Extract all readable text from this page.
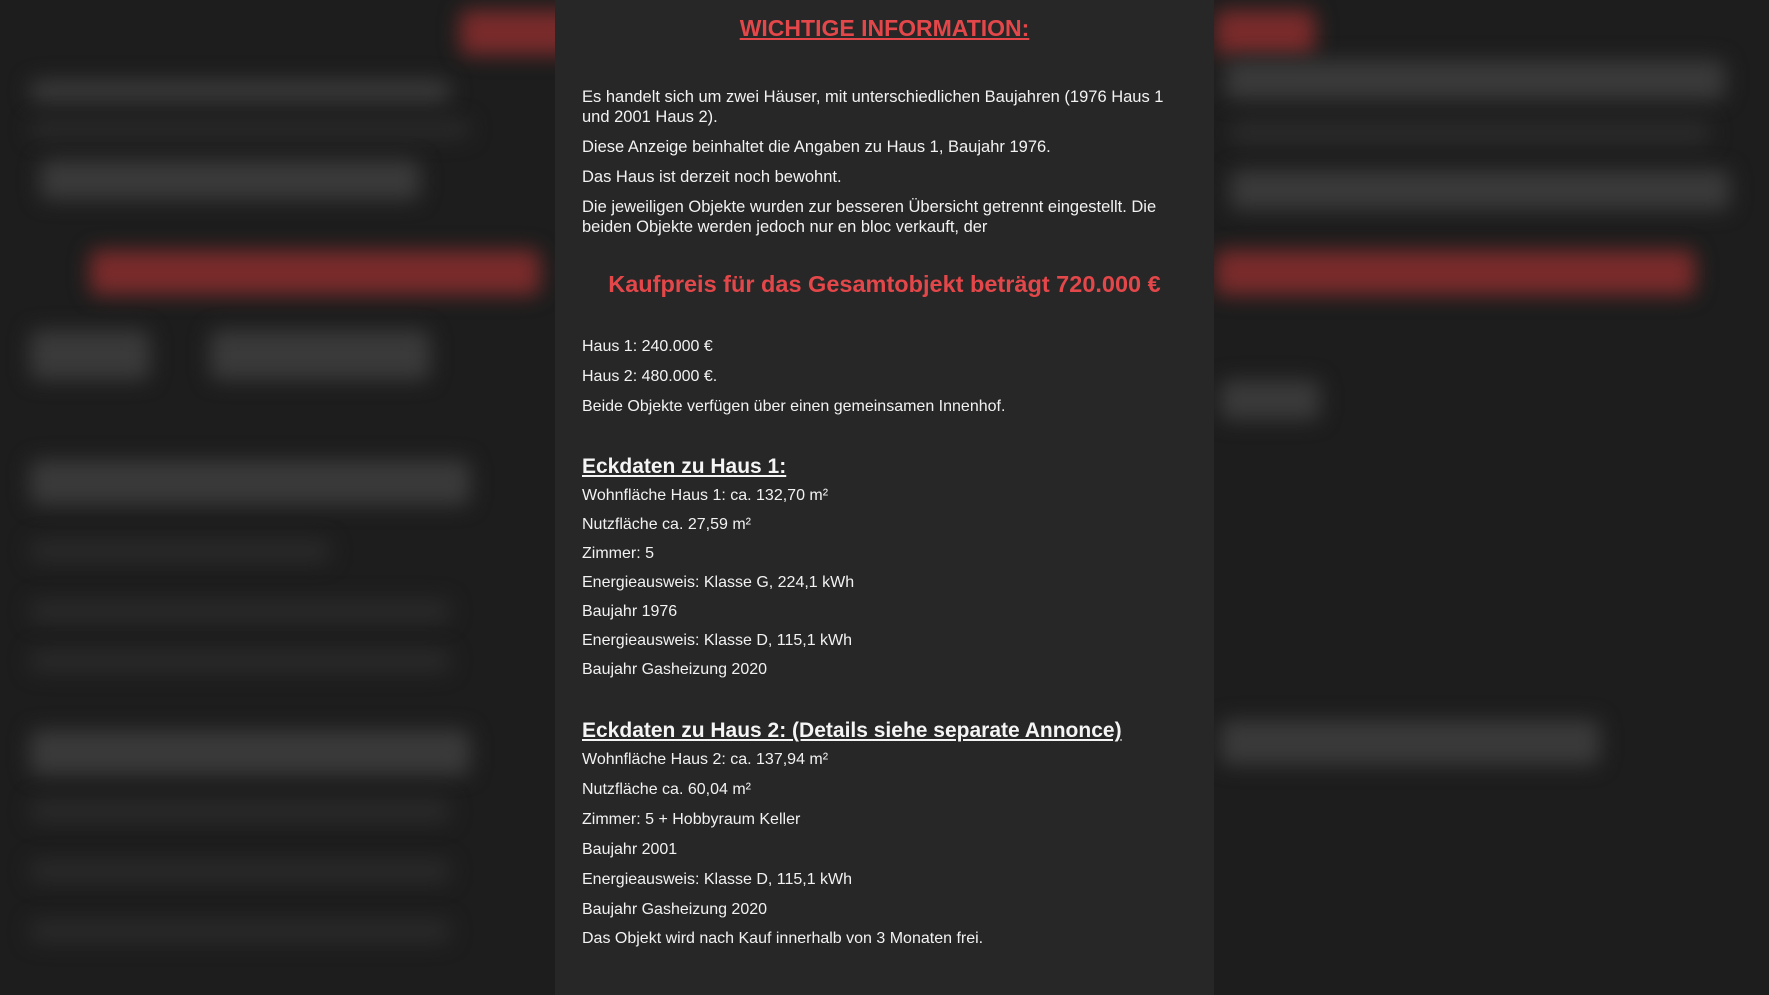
WICHTIGE INFORMATION:

Es handelt sich um zwei Häuser, mit unterschiedlichen Baujahren (1976 Haus 1 und 2001 Haus 2).

Diese Anzeige beinhaltet die Angaben zu Haus 1, Baujahr 1976.

Das Haus ist derzeit noch bewohnt.

Die jeweiligen Objekte wurden zur besseren Übersicht getrennt eingestellt. Die beiden Objekte werden jedoch nur en bloc verkauft, der

Kaufpreis für das Gesamtobjekt beträgt 720.000 €

Haus 1: 240.000 €

Haus 2: 480.000 €.

Beide Objekte verfügen über einen gemeinsamen Innenhof.

Eckdaten zu Haus 1:

Wohnfläche Haus 1: ca. 132,70 m²

Nutzfläche ca. 27,59 m²

Zimmer: 5

Energieausweis: Klasse G, 224,1 kWh

Baujahr 1976

Energieausweis: Klasse D, 115,1 kWh

Baujahr Gasheizung 2020

Eckdaten zu Haus 2: (Details siehe separate Annonce)

Wohnfläche Haus 2: ca. 137,94 m²

Nutzfläche ca. 60,04 m²

Zimmer: 5 + Hobbyraum Keller

Baujahr 2001

Energieausweis: Klasse D, 115,1 kWh

Baujahr Gasheizung 2020

Das Objekt wird nach Kauf innerhalb von 3 Monaten frei.
